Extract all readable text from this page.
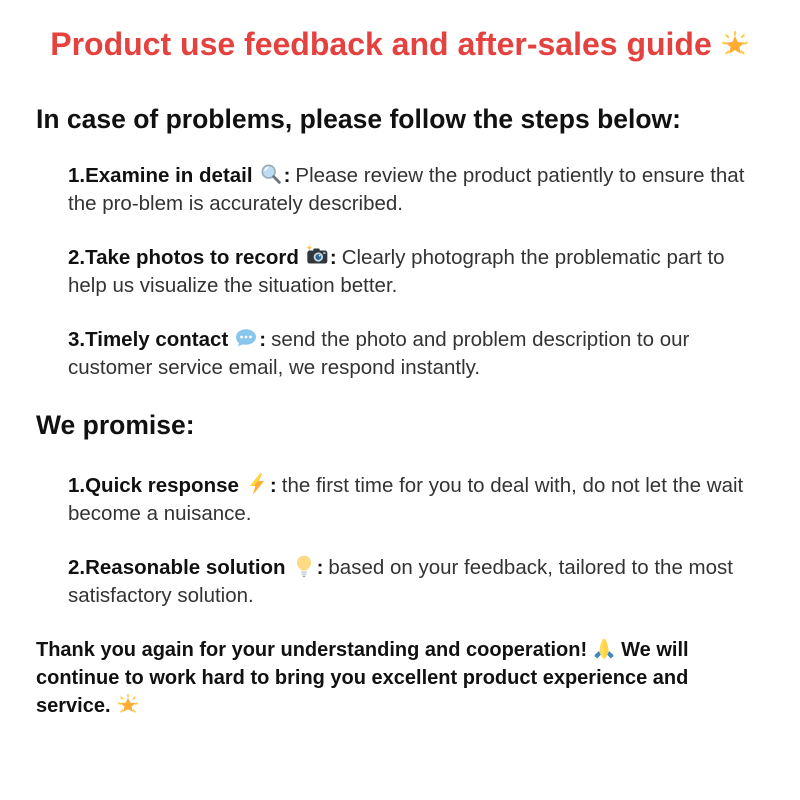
Product use feedback and after-sales guide
In case of problems, please follow the steps below:
1.Examine in detail : Please review the product patiently to ensure that the pro-blem is accurately described.
2.Take photos to record : Clearly photograph the problematic part to help us visualize the situation better.
3.Timely contact : send the photo and problem description to our customer service email, we respond instantly.
We promise:
1.Quick response : the first time for you to deal with, do not let the wait become a nuisance.
2.Reasonable solution : based on your feedback, tailored to the most satisfactory solution.
Thank you again for your understanding and cooperation! We will continue to work hard to bring you excellent product experience and service.
